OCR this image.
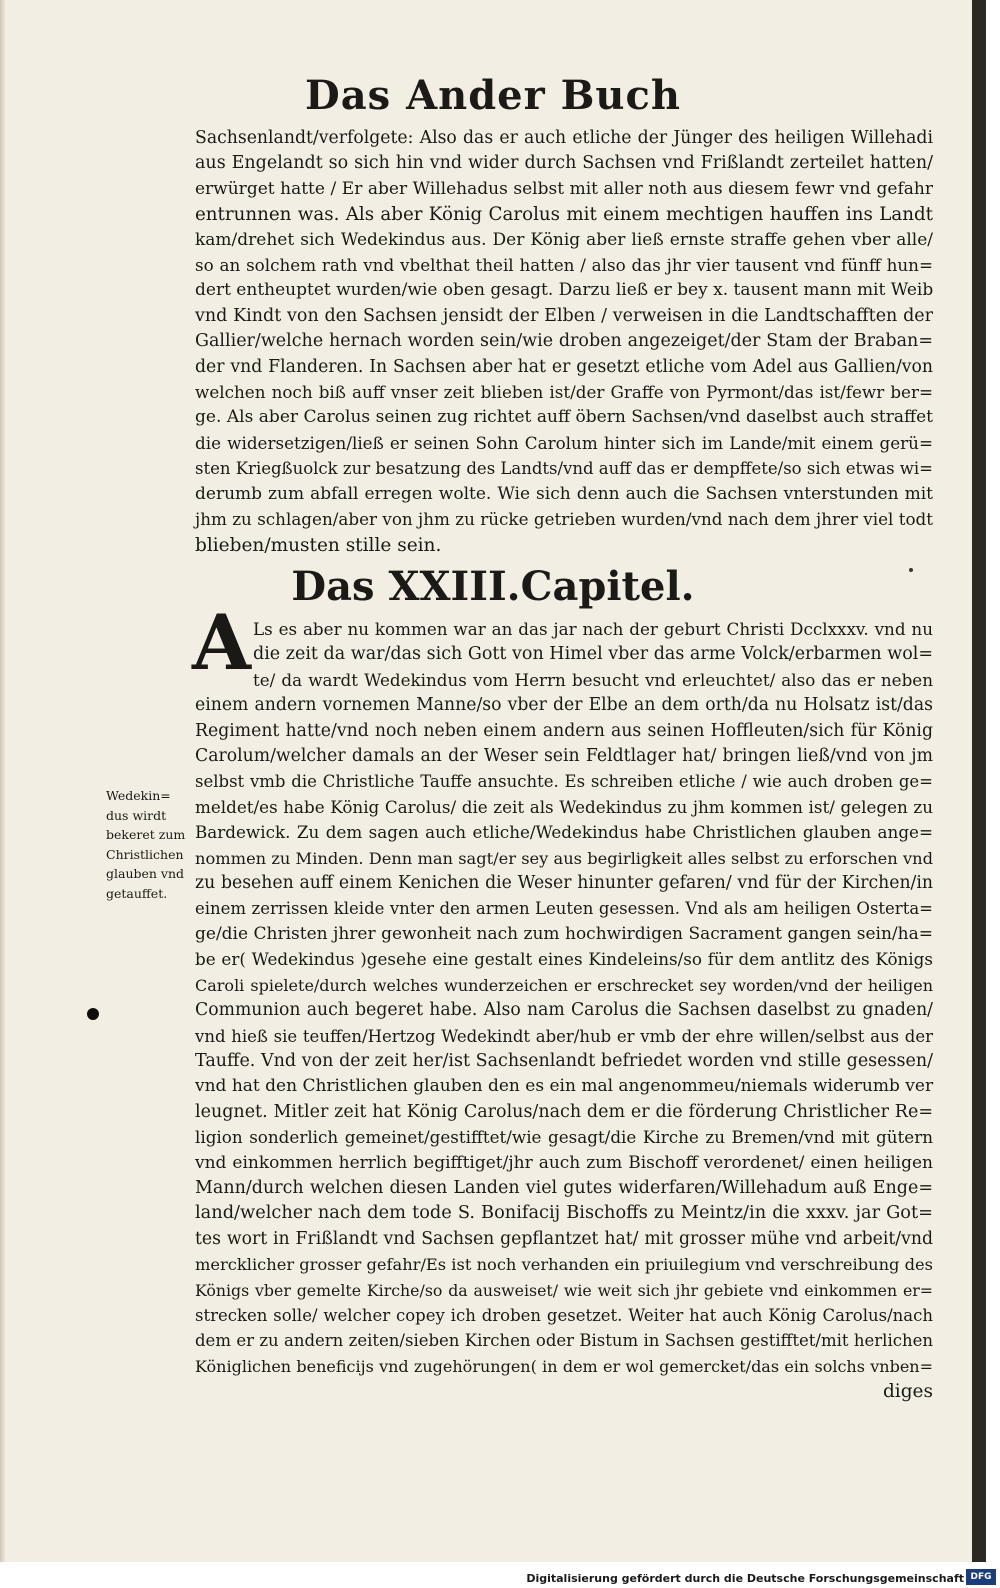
Das Ander Buch
Sachsenlandt/verfolgete: Also das er auch etliche der Jünger des heiligen Willehadi
aus Engelandt so sich hin vnd wider durch Sachsen vnd Frißlandt zerteilet hatten/
erwürget hatte / Er aber Willehadus selbst mit aller noth aus diesem fewr vnd gefahr
entrunnen was. Als aber König Carolus mit einem mechtigen hauffen ins Landt
kam/drehet sich Wedekindus aus. Der König aber ließ ernste straffe gehen vber alle/
so an solchem rath vnd vbelthat theil hatten / also das jhr vier tausent vnd fünff hun=
dert entheuptet wurden/wie oben gesagt. Darzu ließ er bey x. tausent mann mit Weib
vnd Kindt von den Sachsen jensidt der Elben / verweisen in die Landtschafften der
Gallier/welche hernach worden sein/wie droben angezeiget/der Stam der Braban=
der vnd Flanderen. In Sachsen aber hat er gesetzt etliche vom Adel aus Gallien/von
welchen noch biß auff vnser zeit blieben ist/der Graffe von Pyrmont/das ist/fewr ber=
ge. Als aber Carolus seinen zug richtet auff öbern Sachsen/vnd daselbst auch straffet
die widersetzigen/ließ er seinen Sohn Carolum hinter sich im Lande/mit einem gerü=
sten Kriegßuolck zur besatzung des Landts/vnd auff das er dempffete/so sich etwas wi=
derumb zum abfall erregen wolte. Wie sich denn auch die Sachsen vnterstunden mit
jhm zu schlagen/aber von jhm zu rücke getrieben wurden/vnd nach dem jhrer viel todt
blieben/musten stille sein.
Das XXIII.Capitel.
A Ls es aber nu kommen war an das jar nach der geburt Christi Dcclxxxv. vnd nu
die zeit da war/das sich Gott von Himel vber das arme Volck/erbarmen wol=
te/ da wardt Wedekindus vom Herrn besucht vnd erleuchtet/ also das er neben
einem andern vornemen Manne/so vber der Elbe an dem orth/da nu Holsatz ist/das
Regiment hatte/vnd noch neben einem andern aus seinen Hoffleuten/sich für König
Carolum/welcher damals an der Weser sein Feldtlager hat/ bringen ließ/vnd von jm
selbst vmb die Christliche Tauffe ansuchte. Es schreiben etliche / wie auch droben ge=
meldet/es habe König Carolus/ die zeit als Wedekindus zu jhm kommen ist/ gelegen zu
Bardewick. Zu dem sagen auch etliche/Wedekindus habe Christlichen glauben ange=
nommen zu Minden. Denn man sagt/er sey aus begirligkeit alles selbst zu erforschen vnd
zu besehen auff einem Kenichen die Weser hinunter gefaren/ vnd für der Kirchen/in
einem zerrissen kleide vnter den armen Leuten gesessen. Vnd als am heiligen Osterta=
ge/die Christen jhrer gewonheit nach zum hochwirdigen Sacrament gangen sein/ha=
be er( Wedekindus )gesehe eine gestalt eines Kindeleins/so für dem antlitz des Königs
Caroli spielete/durch welches wunderzeichen er erschrecket sey worden/vnd der heiligen
Communion auch begeret habe. Also nam Carolus die Sachsen daselbst zu gnaden/
vnd hieß sie teuffen/Hertzog Wedekindt aber/hub er vmb der ehre willen/selbst aus der
Tauffe. Vnd von der zeit her/ist Sachsenlandt befriedet worden vnd stille gesessen/
vnd hat den Christlichen glauben den es ein mal angenommeu/niemals widerumb ver
leugnet. Mitler zeit hat König Carolus/nach dem er die förderung Christlicher Re=
ligion sonderlich gemeinet/gestifftet/wie gesagt/die Kirche zu Bremen/vnd mit gütern
vnd einkommen herrlich begifftiget/jhr auch zum Bischoff verordenet/ einen heiligen
Mann/durch welchen diesen Landen viel gutes widerfaren/Willehadum auß Enge=
land/welcher nach dem tode S. Bonifacij Bischoffs zu Meintz/in die xxxv. jar Got=
tes wort in Frißlandt vnd Sachsen gepflantzet hat/ mit grosser mühe vnd arbeit/vnd
mercklicher grosser gefahr/Es ist noch verhanden ein priuilegium vnd verschreibung des
Königs vber gemelte Kirche/so da ausweiset/ wie weit sich jhr gebiete vnd einkommen er=
strecken solle/ welcher copey ich droben gesetzet. Weiter hat auch König Carolus/nach
dem er zu andern zeiten/sieben Kirchen oder Bistum in Sachsen gestifftet/mit herlichen
Königlichen beneficijs vnd zugehörungen( in dem er wol gemercket/das ein solchs vnben=
diges
Wedekin=
dus wirdt
bekeret zum
Christlichen
glauben vnd
getauffet.
Digitalisierung gefördert durch die Deutsche Forschungsgemeinschaft DFG
